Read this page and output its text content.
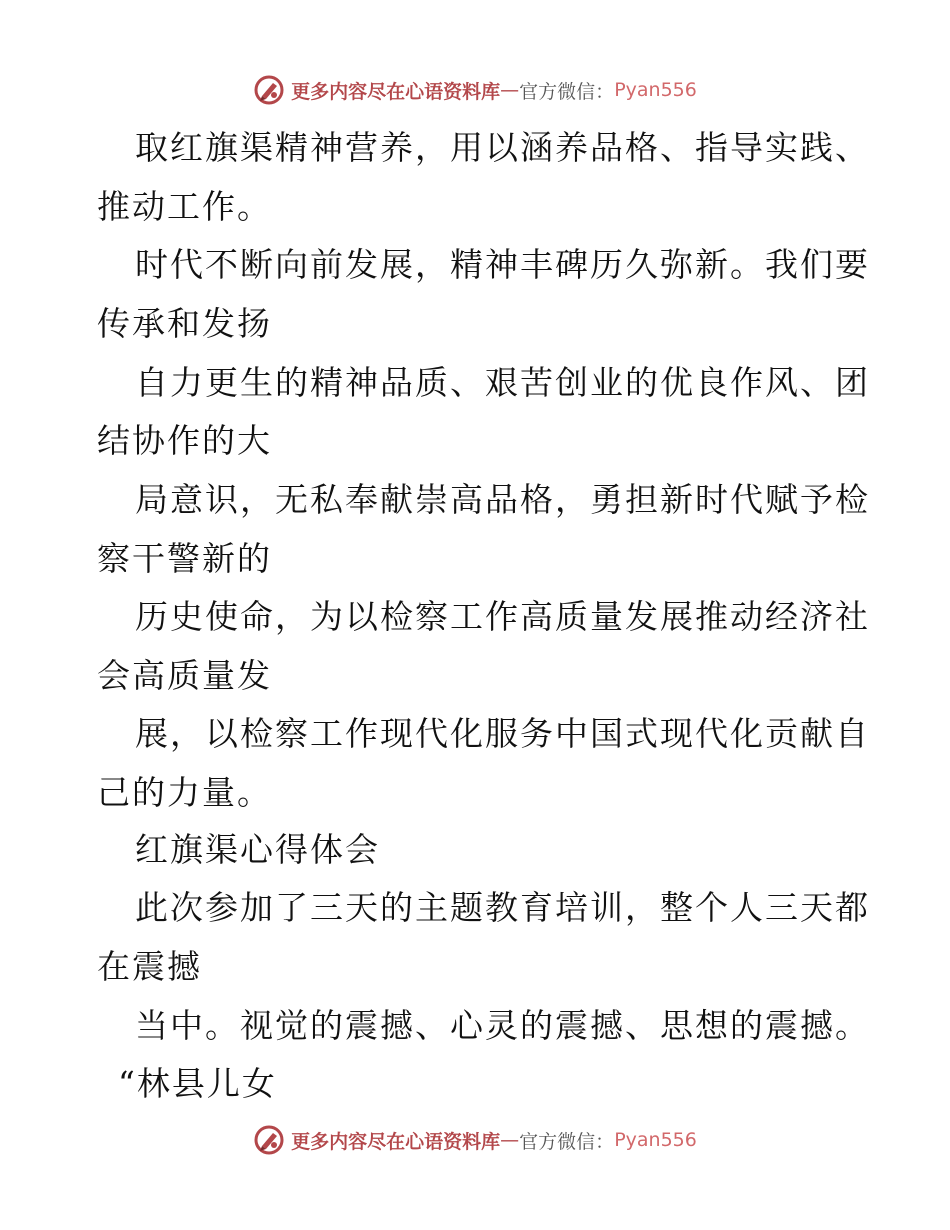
更多内容尽在心语资料库 — 官方微信： Pyan556
取红旗渠精神营养，用以涵养品格、指导实践、
推动工作。
时代不断向前发展，精神丰碑历久弥新。我们要
传承和发扬
自力更生的精神品质、艰苦创业的优良作风、团
结协作的大
局意识，无私奉献崇高品格，勇担新时代赋予检
察干警新的
历史使命，为以检察工作高质量发展推动经济社
会高质量发
展，以检察工作现代化服务中国式现代化贡献自
己的力量。
红旗渠心得体会
此次参加了三天的主题教育培训，整个人三天都
在震撼
当中。视觉的震撼、心灵的震撼、思想的震撼。
“林县儿女
更多内容尽在心语资料库 — 官方微信： Pyan556
